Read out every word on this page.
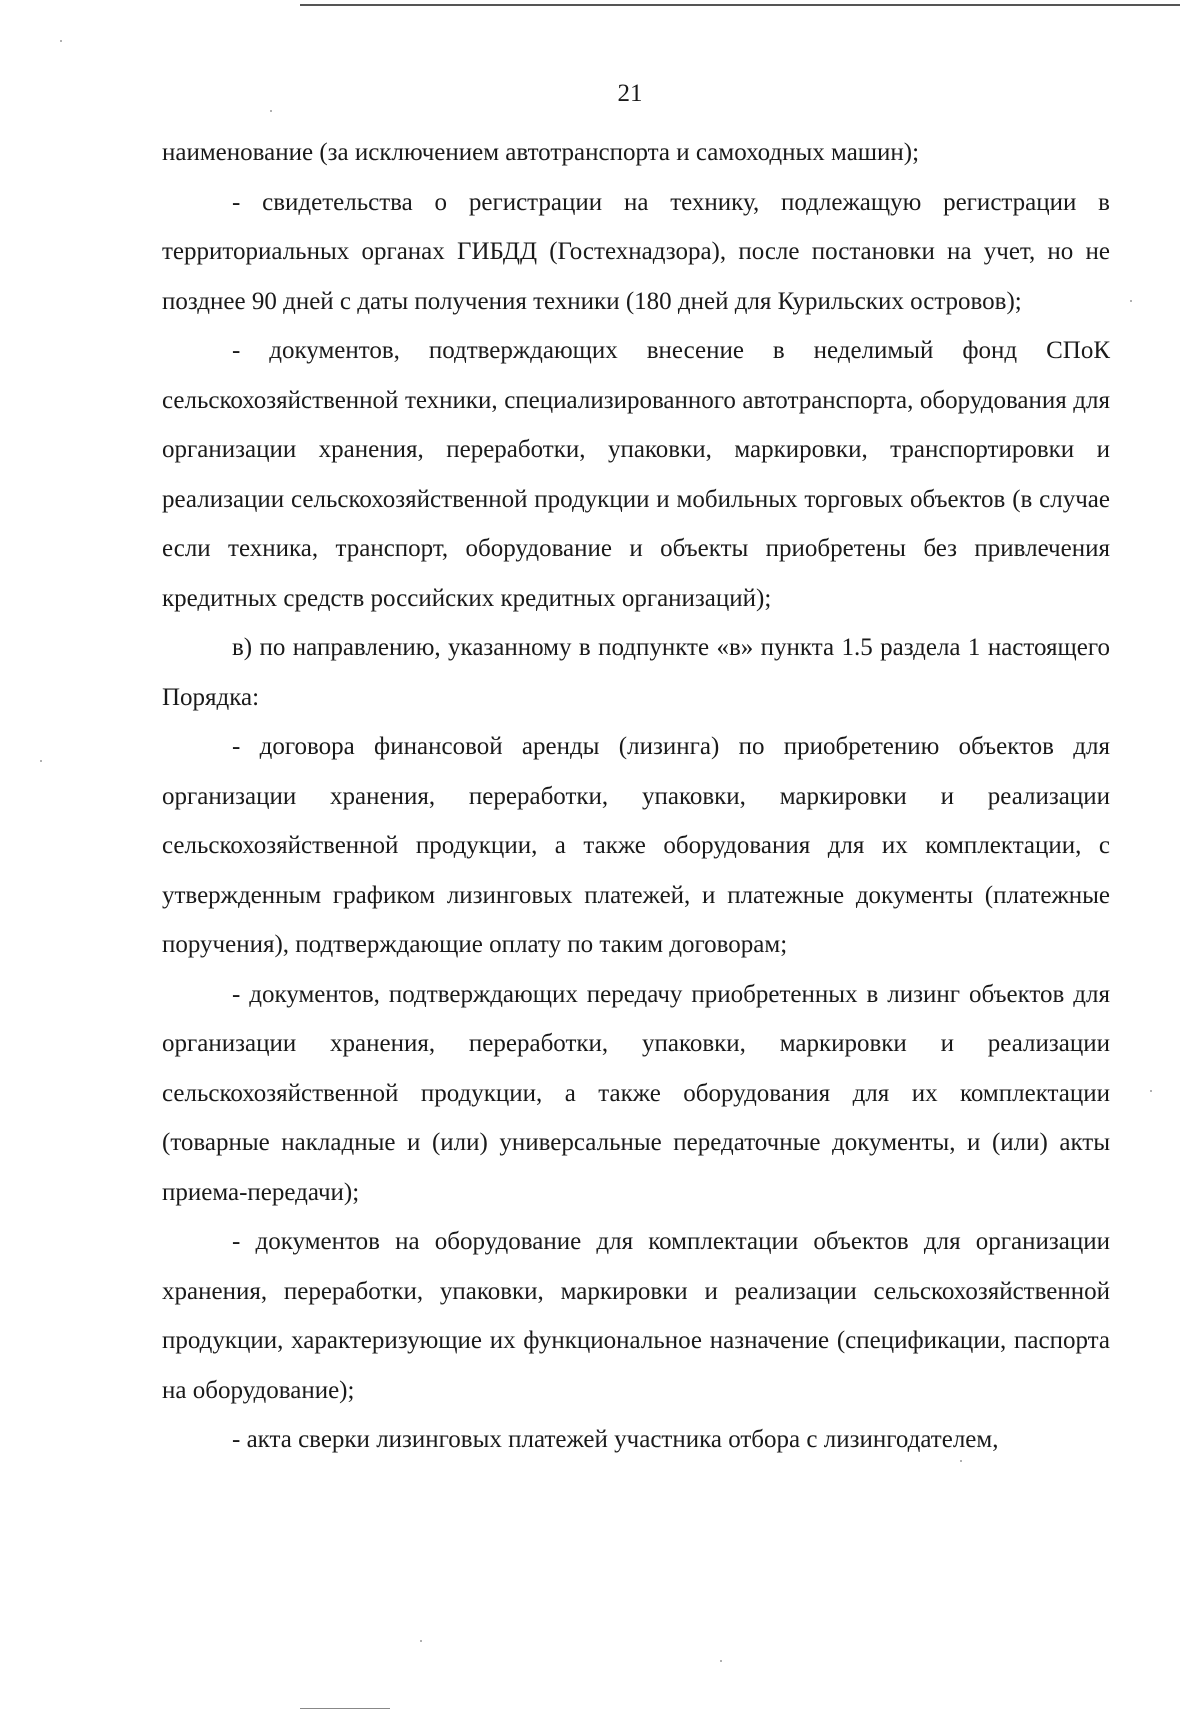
21

наименование (за исключением автотранспорта и самоходных машин);

- свидетельства о регистрации на технику, подлежащую регистрации в территориальных органах ГИБДД (Гостехнадзора), после постановки на учет, но не позднее 90 дней с даты получения техники (180 дней для Курильских островов);

- документов, подтверждающих внесение в неделимый фонд СПоК сельскохозяйственной техники, специализированного автотранспорта, оборудования для организации хранения, переработки, упаковки, маркировки, транспортировки и реализации сельскохозяйственной продукции и мобильных торговых объектов (в случае если техника, транспорт, оборудование и объекты приобретены без привлечения кредитных средств российских кредитных организаций);

в) по направлению, указанному в подпункте «в» пункта 1.5 раздела 1 настоящего Порядка:

- договора финансовой аренды (лизинга) по приобретению объектов для организации хранения, переработки, упаковки, маркировки и реализации сельскохозяйственной продукции, а также оборудования для их комплектации, с утвержденным графиком лизинговых платежей, и платежные документы (платежные поручения), подтверждающие оплату по таким договорам;

- документов, подтверждающих передачу приобретенных в лизинг объектов для организации хранения, переработки, упаковки, маркировки и реализации сельскохозяйственной продукции, а также оборудования для их комплектации (товарные накладные и (или) универсальные передаточные документы, и (или) акты приема-передачи);

- документов на оборудование для комплектации объектов для организации хранения, переработки, упаковки, маркировки и реализации сельскохозяйственной продукции, характеризующие их функциональное назначение (спецификации, паспорта на оборудование);

- акта сверки лизинговых платежей участника отбора с лизингодателем,
